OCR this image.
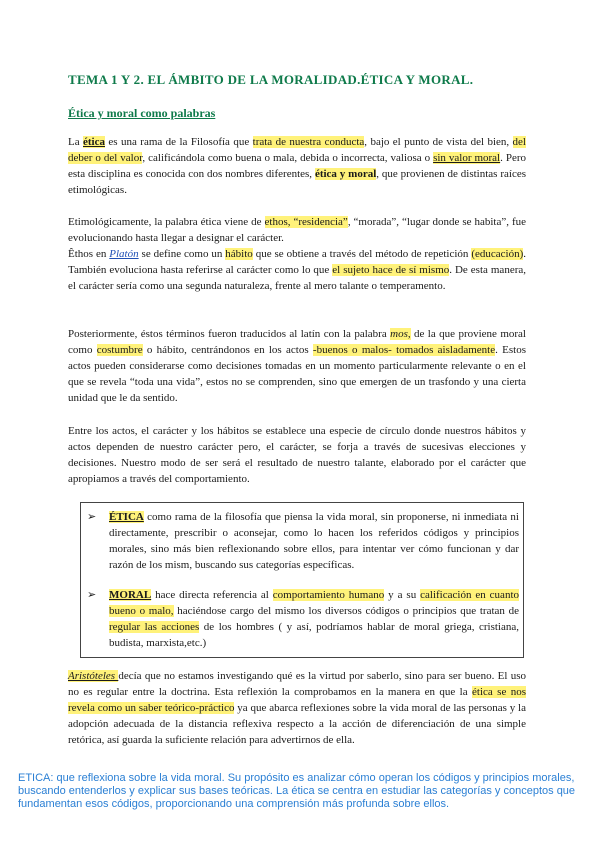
TEMA 1 Y 2. EL ÁMBITO DE LA MORALIDAD.ÉTICA Y MORAL.
Ética y moral como palabras

La ética es una rama de la Filosofía que trata de nuestra conducta, bajo el punto de vista del bien, del deber o del valor, calificándola como buena o mala, debida o incorrecta, valiosa o sin valor moral. Pero esta disciplina es conocida con dos nombres diferentes, ética y moral, que provienen de distintas raíces etimológicas.

Etimológicamente, la palabra ética viene de ethos, “residencia”, “morada”, “lugar donde se habita”, fue evolucionando hasta llegar a designar el carácter.
Êthos en Platón se define como un hábito que se obtiene a través del método de repetición (educación). También evoluciona hasta referirse al carácter como lo que el sujeto hace de sí mismo. De esta manera, el carácter sería como una segunda naturaleza, frente al mero talante o temperamento.

Posteriormente, éstos términos fueron traducidos al latín con la palabra mos, de la que proviene moral como costumbre o hábito, centrándonos en los actos -buenos o malos- tomados aisladamente. Estos actos pueden considerarse como decisiones tomadas en un momento particularmente relevante o en el que se revela “toda una vida”, estos no se comprenden, sino que emergen de un trasfondo y una cierta unidad que le da sentido.

Entre los actos, el carácter y los hábitos se establece una especie de círculo donde nuestros hábitos y actos dependen de nuestro carácter pero, el carácter, se forja a través de sucesivas elecciones y decisiones. Nuestro modo de ser será el resultado de nuestro talante, elaborado por el carácter que apropiamos a través del comportamiento.

➢ ÉTICA como rama de la filosofía que piensa la vida moral, sin proponerse, ni inmediata ni directamente, prescribir o aconsejar, como lo hacen los referidos códigos y principios morales, sino más bien reflexionando sobre ellos, para intentar ver cómo funcionan y dar razón de los mism, buscando sus categorías específicas.
➢ MORAL hace directa referencia al comportamiento humano y a su calificación en cuanto bueno o malo, haciéndose cargo del mismo los diversos códigos o principios que tratan de regular las acciones de los hombres ( y así, podríamos hablar de moral griega, cristiana, budista, marxista,etc.)

Aristóteles decía que no estamos investigando qué es la virtud por saberlo, sino para ser bueno. El uso no es regular entre la doctrina. Esta reflexión la comprobamos en la manera en que la ética se nos revela como un saber teórico-práctico ya que abarca reflexiones sobre la vida moral de las personas y la adopción adecuada de la distancia reflexiva respecto a la acción de diferenciación de una simple retórica, así guarda la suficiente relación para advertirnos de ella.

ETICA: que reflexiona sobre la vida moral. Su propósito es analizar cómo operan los códigos y principios morales, buscando entenderlos y explicar sus bases teóricas. La ética se centra en estudiar las categorías y conceptos que fundamentan esos códigos, proporcionando una comprensión más profunda sobre ellos.
